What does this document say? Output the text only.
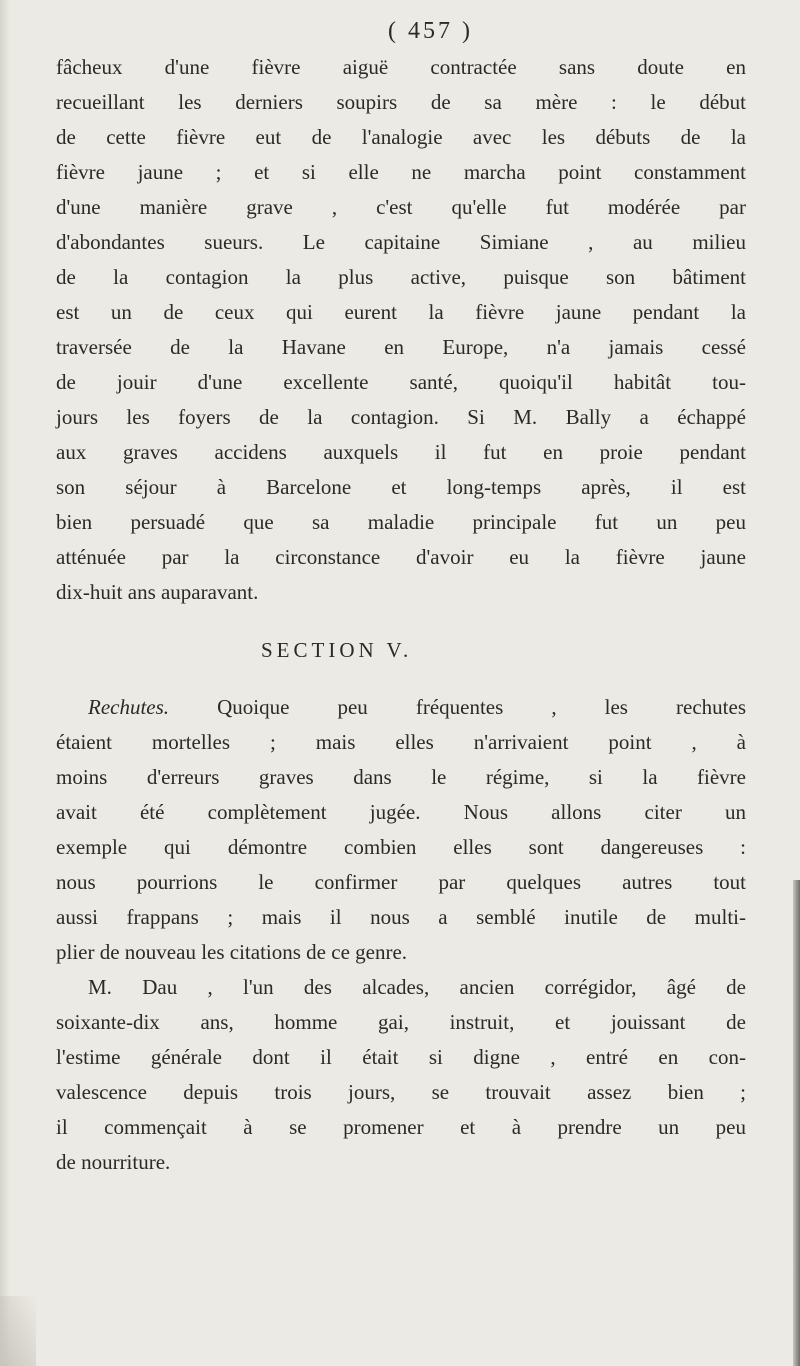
( 457 )
fâcheux d'une fièvre aiguë contractée sans doute en
recueillant les derniers soupirs de sa mère : le début
de cette fièvre eut de l'analogie avec les débuts de la
fièvre jaune ; et si elle ne marcha point constamment
d'une manière grave , c'est qu'elle fut modérée par
d'abondantes sueurs. Le capitaine Simiane , au milieu
de la contagion la plus active, puisque son bâtiment
est un de ceux qui eurent la fièvre jaune pendant la
traversée de la Havane en Europe, n'a jamais cessé
de jouir d'une excellente santé, quoiqu'il habitât tou-
jours les foyers de la contagion. Si M. Bally a échappé
aux graves accidens auxquels il fut en proie pendant
son séjour à Barcelone et long-temps après, il est
bien persuadé que sa maladie principale fut un peu
atténuée par la circonstance d'avoir eu la fièvre jaune
dix-huit ans auparavant.
SECTION V.
Rechutes. Quoique peu fréquentes , les rechutes
étaient mortelles ; mais elles n'arrivaient point , à
moins d'erreurs graves dans le régime, si la fièvre
avait été complètement jugée. Nous allons citer un
exemple qui démontre combien elles sont dangereuses :
nous pourrions le confirmer par quelques autres tout
aussi frappans ; mais il nous a semblé inutile de multi-
plier de nouveau les citations de ce genre.
M. Dau , l'un des alcades, ancien corrégidor, âgé de
soixante-dix ans, homme gai, instruit, et jouissant de
l'estime générale dont il était si digne , entré en con-
valescence depuis trois jours, se trouvait assez bien ;
il commençait à se promener et à prendre un peu
de nourriture.
